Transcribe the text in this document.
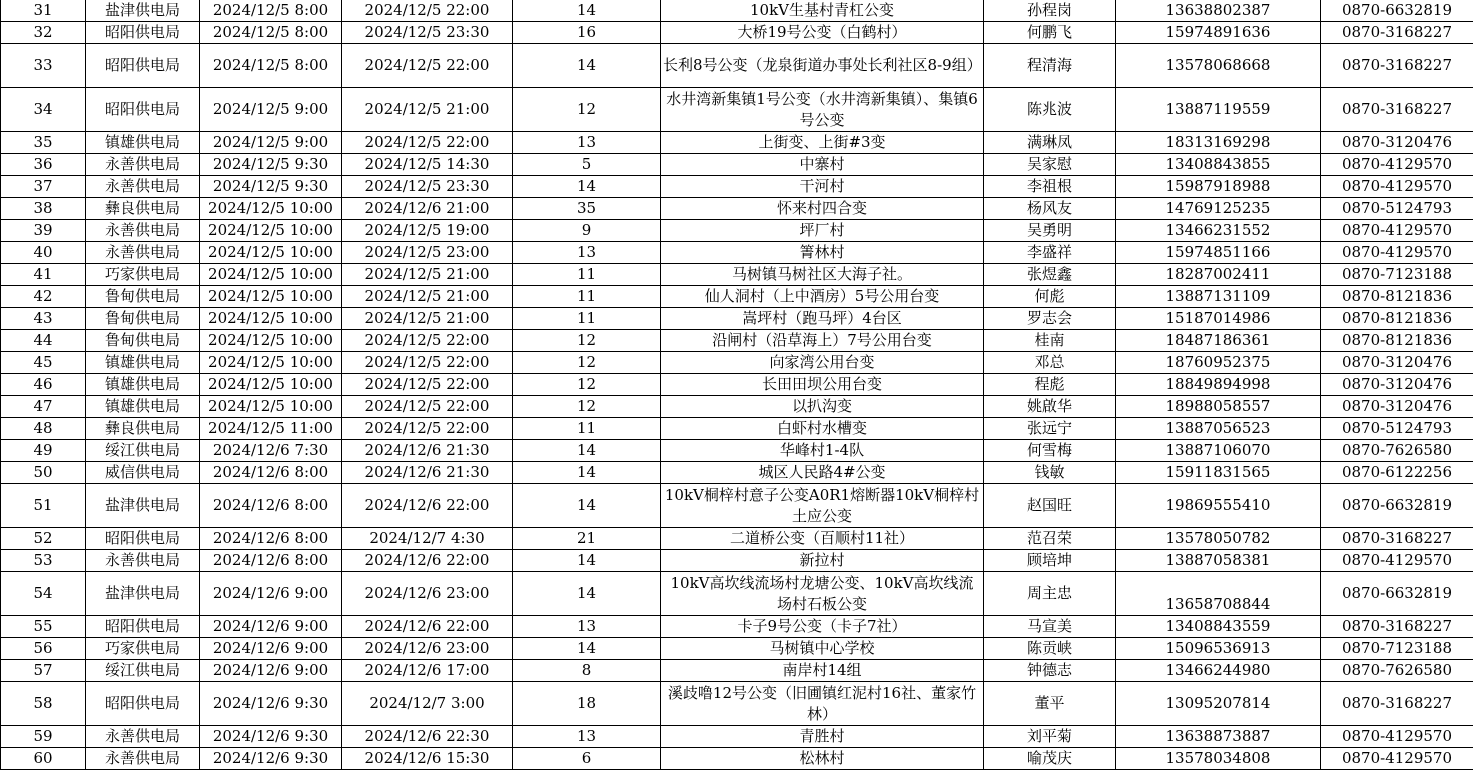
31	盐津供电局	2024/12/5 8:00	2024/12/5 22:00	14	10kV生基村青杠公变	孙程岗	13638802387	0870-6632819
32	昭阳供电局	2024/12/5 8:00	2024/12/5 23:30	16	大桥19号公变（白鹤村）	何鹏飞	15974891636	0870-3168227
33	昭阳供电局	2024/12/5 8:00	2024/12/5 22:00	14	长利8号公变（龙泉街道办事处长利社区8-9组）	程清海	13578068668	0870-3168227
34	昭阳供电局	2024/12/5 9:00	2024/12/5 21:00	12	水井湾新集镇1号公变（水井湾新集镇）、集镇6号公变	陈兆波	13887119559	0870-3168227
35	镇雄供电局	2024/12/5 9:00	2024/12/5 22:00	13	上街变、上街#3变	满琳凤	18313169298	0870-3120476
36	永善供电局	2024/12/5 9:30	2024/12/5 14:30	5	中寨村	吴家慰	13408843855	0870-4129570
37	永善供电局	2024/12/5 9:30	2024/12/5 23:30	14	干河村	李祖根	15987918988	0870-4129570
38	彝良供电局	2024/12/5 10:00	2024/12/6 21:00	35	怀来村四合变	杨风友	14769125235	0870-5124793
39	永善供电局	2024/12/5 10:00	2024/12/5 19:00	9	坪厂村	吴勇明	13466231552	0870-4129570
40	永善供电局	2024/12/5 10:00	2024/12/5 23:00	13	箐林村	李盛祥	15974851166	0870-4129570
41	巧家供电局	2024/12/5 10:00	2024/12/5 21:00	11	马树镇马树社区大海子社。	张煜鑫	18287002411	0870-7123188
42	鲁甸供电局	2024/12/5 10:00	2024/12/5 21:00	11	仙人洞村（上中酒房）5号公用台变	何彪	13887131109	0870-8121836
43	鲁甸供电局	2024/12/5 10:00	2024/12/5 21:00	11	嵩坪村（跑马坪）4台区	罗志会	15187014986	0870-8121836
44	鲁甸供电局	2024/12/5 10:00	2024/12/5 22:00	12	沿闸村（沿草海上）7号公用台变	桂南	18487186361	0870-8121836
45	镇雄供电局	2024/12/5 10:00	2024/12/5 22:00	12	向家湾公用台变	邓总	18760952375	0870-3120476
46	镇雄供电局	2024/12/5 10:00	2024/12/5 22:00	12	长田田坝公用台变	程彪	18849894998	0870-3120476
47	镇雄供电局	2024/12/5 10:00	2024/12/5 22:00	12	以扒沟变	姚啟华	18988058557	0870-3120476
48	彝良供电局	2024/12/5 11:00	2024/12/5 22:00	11	白虾村水槽变	张远宁	13887056523	0870-5124793
49	绥江供电局	2024/12/6 7:30	2024/12/6 21:30	14	华峰村1-4队	何雪梅	13887106070	0870-7626580
50	威信供电局	2024/12/6 8:00	2024/12/6 21:30	14	城区人民路4#公变	钱敏	15911831565	0870-6122256
51	盐津供电局	2024/12/6 8:00	2024/12/6 22:00	14	10kV桐梓村意子公变A0R1熔断器10kV桐梓村土应公变	赵国旺	19869555410	0870-6632819
52	昭阳供电局	2024/12/6 8:00	2024/12/7 4:30	21	二道桥公变（百顺村11社）	范召荣	13578050782	0870-3168227
53	永善供电局	2024/12/6 8:00	2024/12/6 22:00	14	新拉村	顾培坤	13887058381	0870-4129570
54	盐津供电局	2024/12/6 9:00	2024/12/6 23:00	14	10kV高坎线流场村龙塘公变、10kV高坎线流场村石板公变	周主忠	13658708844	0870-6632819
55	昭阳供电局	2024/12/6 9:00	2024/12/6 22:00	13	卡子9号公变（卡子7社）	马宣美	13408843559	0870-3168227
56	巧家供电局	2024/12/6 9:00	2024/12/6 23:00	14	马树镇中心学校	陈贡峡	15096536913	0870-7123188
57	绥江供电局	2024/12/6 9:00	2024/12/6 17:00	8	南岸村14组	钟德志	13466244980	0870-7626580
58	昭阳供电局	2024/12/6 9:30	2024/12/7 3:00	18	溪歧噜12号公变（旧圃镇红泥村16社、董家竹林）	董平	13095207814	0870-3168227
59	永善供电局	2024/12/6 9:30	2024/12/6 22:30	13	青胜村	刘平菊	13638873887	0870-4129570
60	永善供电局	2024/12/6 9:30	2024/12/6 15:30	6	松林村	喻茂庆	13578034808	0870-4129570
